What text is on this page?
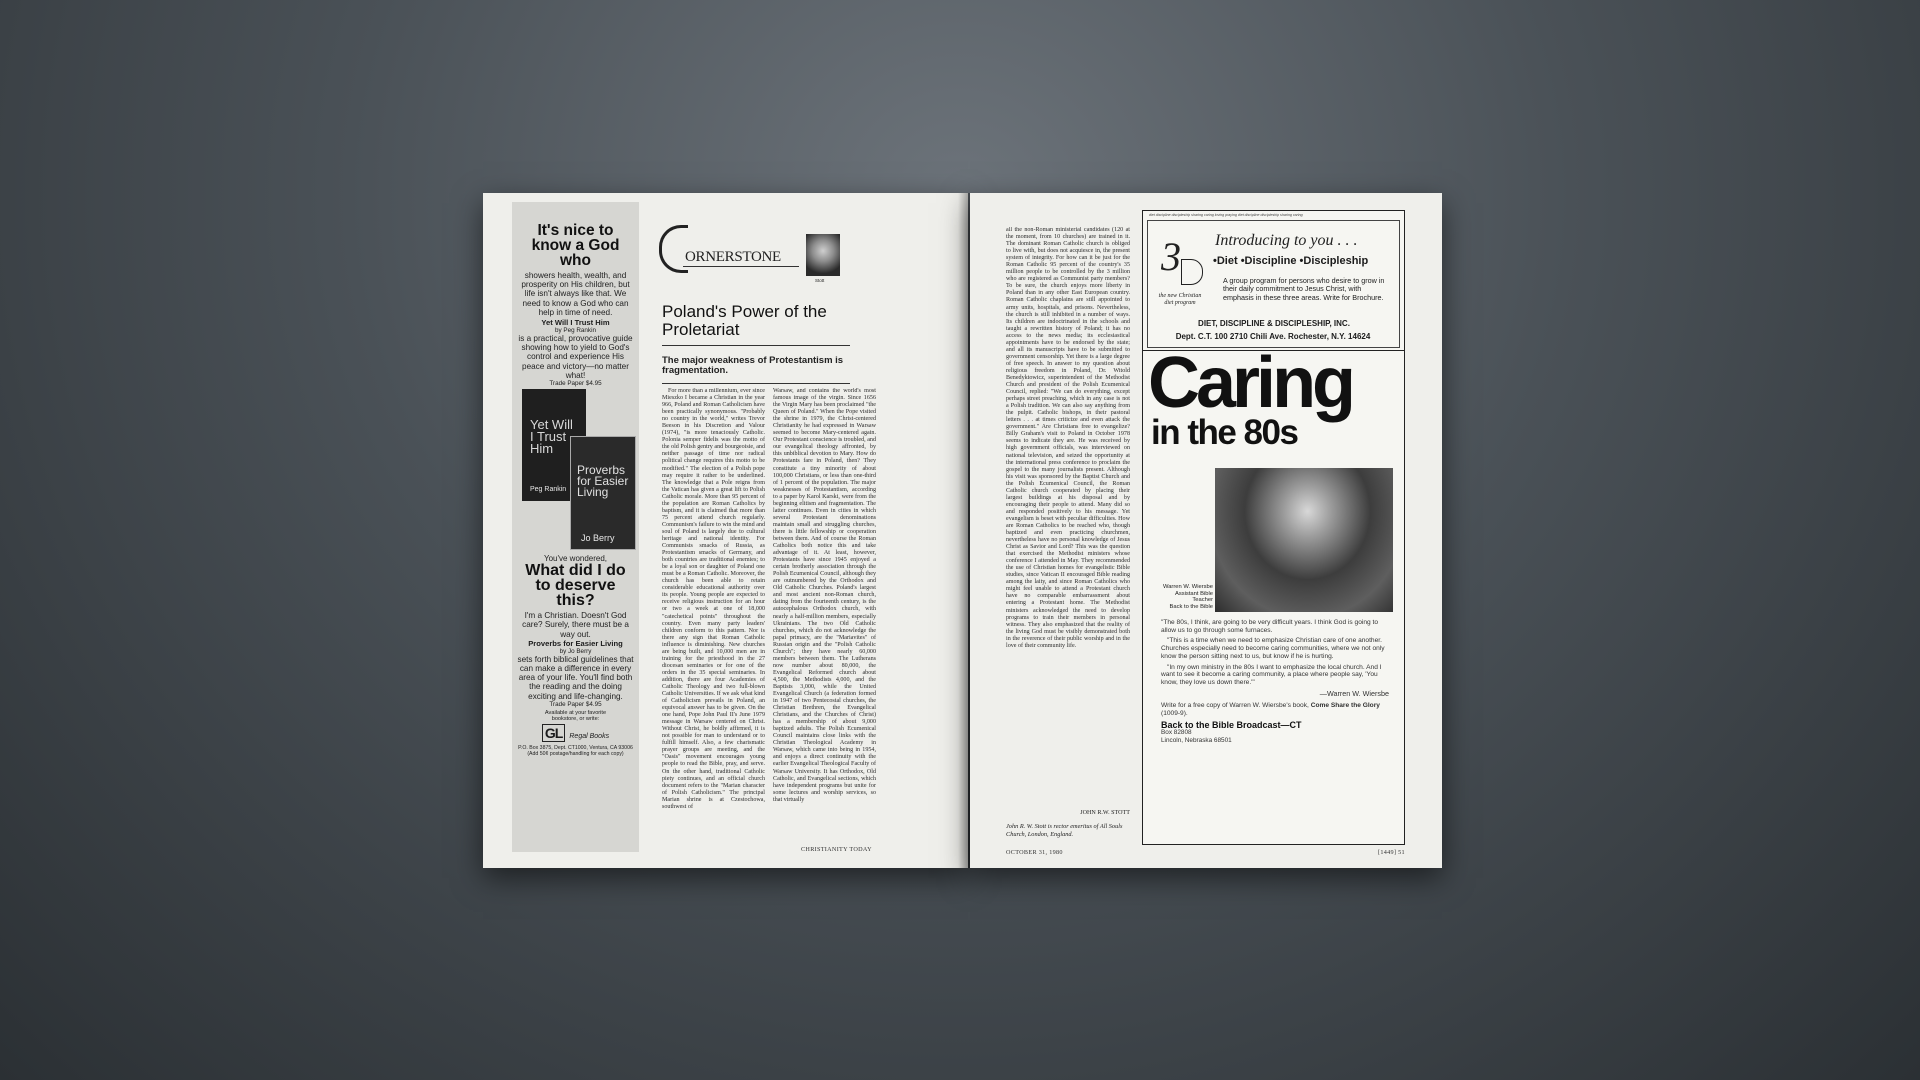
It's nice to know a God who
showers health, wealth, and prosperity on His children, but life isn't always like that. We need to know a God who can help in time of need.
Yet Will I Trust Him
by Peg Rankin
is a practical, provocative guide showing how to yield to God's control and experience His peace and victory—no matter what!
Trade Paper $4.95
Yet Will I Trust Him
Peg Rankin
Proverbs for Easier Living
Jo Berry
You've wondered,
What did I do to deserve this?
I'm a Christian. Doesn't God care? Surely, there must be a way out.
Proverbs for Easier Living
by Jo Berry
sets forth biblical guidelines that can make a difference in every area of your life. You'll find both the reading and the doing exciting and life-changing.
Trade Paper $4.95
Available at your favorite bookstore, or write:
GL Regal Books
P.O. Box 3875, Dept. CT1000, Ventura, CA 93006
(Add 50¢ postage/handling for each copy)
ORNERSTONE
Stott
Poland's Power of the Proletariat
The major weakness of Protestantism is fragmentation.

For more than a millennium, ever since Mieszko I became a Christian in the year 966, Poland and Roman Catholicism have been practically synonymous. "Probably no country in the world," writes Trevor Beeson in his Discretion and Valour (1974), "is more tenaciously Catholic. Polonia semper fidelis was the motto of the old Polish gentry and bourgeoisie, and neither passage of time nor radical political change requires this motto to be modified." The election of a Polish pope may require it rather to be underlined. The knowledge that a Pole reigns from the Vatican has given a great lift to Polish Catholic morale. More than 95 percent of the population are Roman Catholics by baptism, and it is claimed that more than 75 percent attend church regularly. Communism's failure to win the mind and soul of Poland is largely due to cultural heritage and national identity. For Communists smacks of Russia, as Protestantism smacks of Germany, and both countries are traditional enemies; to be a loyal son or daughter of Poland one must be a Roman Catholic. Moreover, the church has been able to retain considerable educational authority over its people. Young people are expected to receive religious instruction for an hour or two a week at one of 18,000 "catechetical points" throughout the country. Even many party leaders' children conform to this pattern. Nor is there any sign that Roman Catholic influence is diminishing. New churches are being built, and 10,000 men are in training for the priesthood in the 27 diocesan seminaries or for one of the orders in the 35 special seminaries. In addition, there are four Academies of Catholic Theology and two full-blown Catholic Universities. If we ask what kind of Catholicism prevails in Poland, an equivocal answer has to be given. On the one hand, Pope John Paul II's June 1979 message in Warsaw centered on Christ. Without Christ, he boldly affirmed, it is not possible for man to understand or to fulfill himself. Also, a few charismatic prayer groups are meeting, and the "Oasis" movement encourages young people to read the Bible, pray, and serve. On the other hand, traditional Catholic piety continues, and an official church document refers to the "Marian character of Polish Catholicism." The principal Marian shrine is at Czestochowa, southwest of

Warsaw, and contains the world's most famous image of the virgin. Since 1656 the Virgin Mary has been proclaimed "the Queen of Poland." When the Pope visited the shrine in 1979, the Christ-centered Christianity he had expressed in Warsaw seemed to become Mary-centered again. Our Protestant conscience is troubled, and our evangelical theology affronted, by this unbiblical devotion to Mary. How do Protestants fare in Poland, then? They constitute a tiny minority of about 100,000 Christians, or less than one-third of 1 percent of the population. The major weaknesses of Protestantism, according to a paper by Karol Karski, were from the beginning elitism and fragmentation. The latter continues. Even in cities in which several Protestant denominations maintain small and struggling churches, there is little fellowship or cooperation between them. And of course the Roman Catholics both notice this and take advantage of it. At least, however, Protestants have since 1945 enjoyed a certain brotherly association through the Polish Ecumenical Council, although they are outnumbered by the Orthodox and Old Catholic Churches. Poland's largest and most ancient non-Roman church, dating from the fourteenth century, is the autocephalous Orthodox church, with nearly a half-million members, especially Ukrainians. The two Old Catholic churches, which do not acknowledge the papal primacy, are the "Mariavites" of Russian origin and the "Polish Catholic Church"; they have nearly 60,000 members between them. The Lutherans now number about 80,000, the Evangelical Reformed church about 4,500, the Methodists 4,000, and the Baptists 3,000, while the United Evangelical Church (a federation formed in 1947 of two Pentecostal churches, the Christian Brethren, the Evangelical Christians, and the Churches of Christ) has a membership of about 9,000 baptized adults. The Polish Ecumenical Council maintains close links with the Christian Theological Academy in Warsaw, which came into being in 1954, and enjoys a direct continuity with the earlier Evangelical Theological Faculty of Warsaw University. It has Orthodox, Old Catholic, and Evangelical sections, which have independent programs but unite for some lectures and worship services, so that virtually

CHRISTIANITY TODAY

all the non-Roman ministerial candidates (120 at the moment, from 10 churches) are trained in it. The dominant Roman Catholic church is obliged to live with, but does not acquiesce in, the present system of integrity. For how can it be just for the Roman Catholic 95 percent of the country's 35 million people to be controlled by the 3 million who are registered as Communist party members? To be sure, the church enjoys more liberty in Poland than in any other East European country. Roman Catholic chaplains are still appointed to army units, hospitals, and prisons. Nevertheless, the church is still inhibited in a number of ways. Its children are indoctrinated in the schools and taught a rewritten history of Poland; it has no access to the news media; its ecclesiastical appointments have to be endorsed by the state; and all its manuscripts have to be submitted to government censorship. Yet there is a large degree of free speech. In answer to my question about religious freedom in Poland, Dr. Witold Benedyktowicz, superintendent of the Methodist Church and president of the Polish Ecumenical Council, replied: "We can do everything, except perhaps street preaching, which in any case is not a Polish tradition. We can also say anything from the pulpit. Catholic bishops, in their pastoral letters . . . at times criticize and even attack the government." Are Christians free to evangelize? Billy Graham's visit to Poland in October 1978 seems to indicate they are. He was received by high government officials, was interviewed on national television, and seized the opportunity at the international press conference to proclaim the gospel to the many journalists present. Although his visit was sponsored by the Baptist Church and the Polish Ecumenical Council, the Roman Catholic church cooperated by placing their largest buildings at his disposal and by encouraging their people to attend. Many did so and responded positively to his message. Yet evangelism is beset with peculiar difficulties. How are Roman Catholics to be reached who, though baptized and even practicing churchmen, nevertheless have no personal knowledge of Jesus Christ as Savior and Lord? This was the question that exercised the Methodist ministers whose conference I attended in May. They recommended the use of Christian homes for evangelistic Bible studies, since Vatican II encouraged Bible reading among the laity, and since Roman Catholics who might feel unable to attend a Protestant church have no comparable embarrassment about entering a Protestant home. The Methodist ministers acknowledged the need to develop programs to train their members in personal witness. They also emphasized that the reality of the living God must be visibly demonstrated both in the reverence of their public worship and in the love of their community life.

JOHN R.W. STOTT
John R. W. Stott is rector emeritus of All Souls Church, London, England.
diet discipline discipleship sharing caring loving praying diet discipline discipleship sharing caring
3
the new Christian diet program
Introducing to you . . .
•Diet •Discipline •Discipleship
A group program for persons who desire to grow in their daily commitment to Jesus Christ, with emphasis in these three areas. Write for Brochure.
DIET, DISCIPLINE & DISCIPLESHIP, INC.
Dept. C.T. 100 2710 Chili Ave. Rochester, N.Y. 14624
Caring
in the 80s
Warren W. Wiersbe
Assistant Bible Teacher
Back to the Bible
"The 80s, I think, are going to be very difficult years. I think God is going to allow us to go through some furnaces.
"This is a time when we need to emphasize Christian care of one another. Churches especially need to become caring communities, where we not only know the person sitting next to us, but know if he is hurting.
"In my own ministry in the 80s I want to emphasize the local church. And I want to see it become a caring community, a place where people say, 'You know, they love us down there.'"
—Warren W. Wiersbe
Write for a free copy of Warren W. Wiersbe's book, Come Share the Glory (1009-9).
Back to the Bible Broadcast—CT
Box 82808
Lincoln, Nebraska 68501
OCTOBER 31, 1980	[1449] 51
